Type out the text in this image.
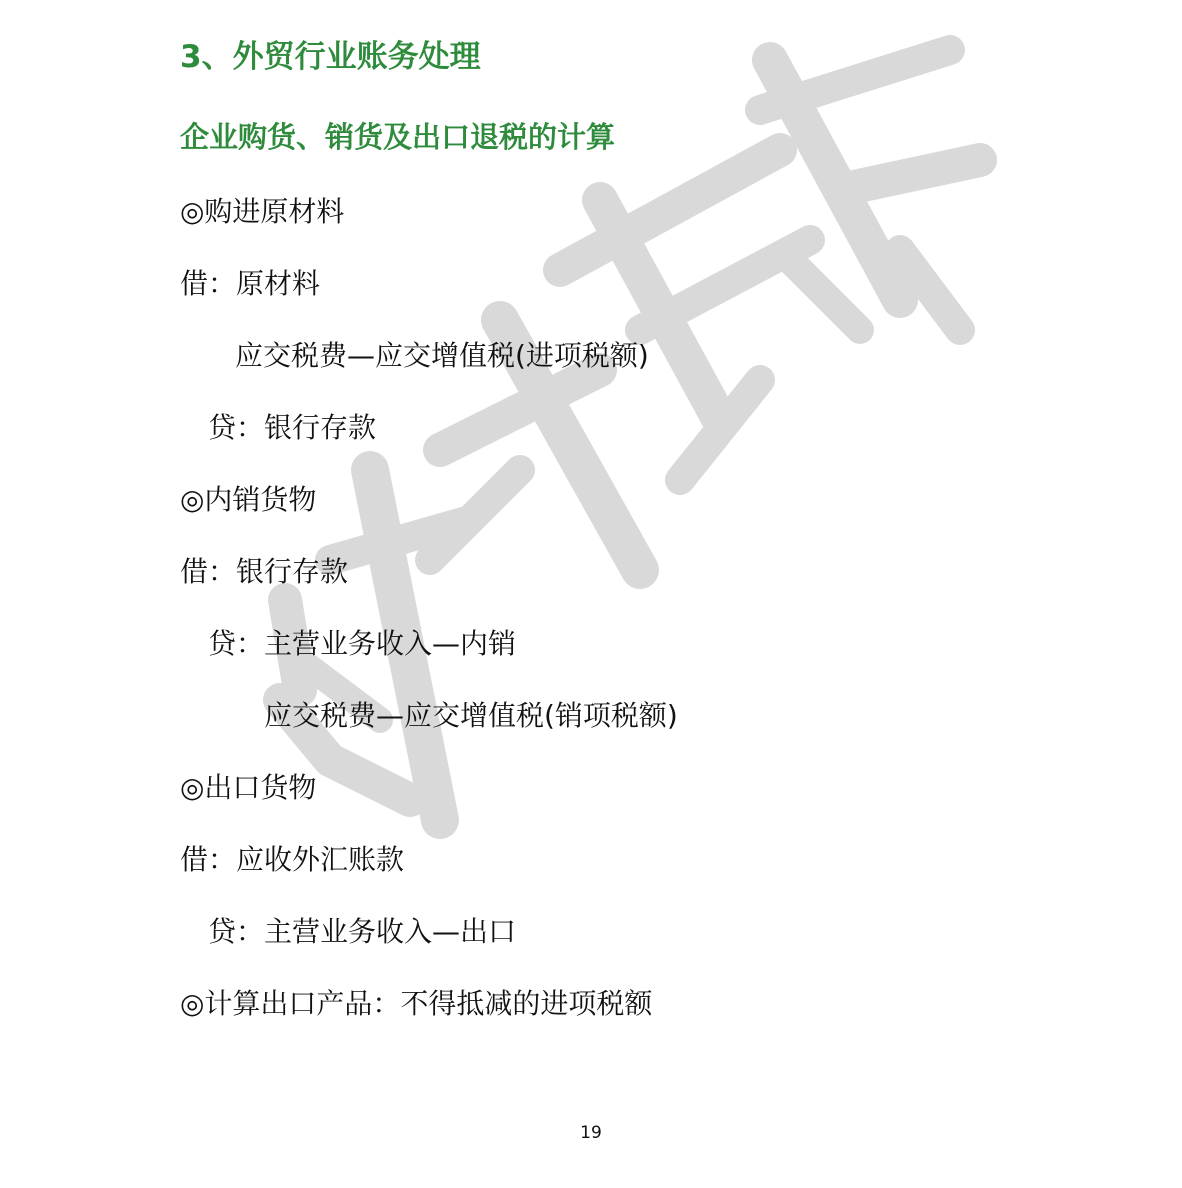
3、外贸行业账务处理
企业购货、销货及出口退税的计算
◎购进原材料
借：原材料
应交税费—应交增值税(进项税额)
贷：银行存款
◎内销货物
借：银行存款
贷：主营业务收入—内销
应交税费—应交增值税(销项税额)
◎出口货物
借：应收外汇账款
贷：主营业务收入—出口
◎计算出口产品：不得抵减的进项税额
19
